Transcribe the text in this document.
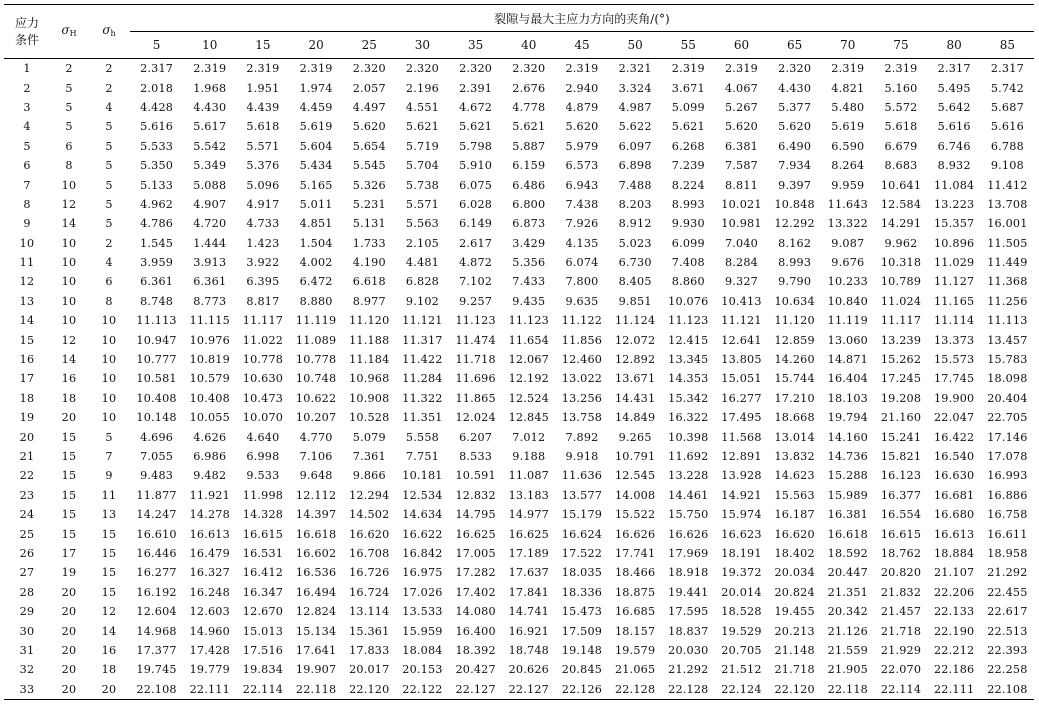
应力
条件	$\sigma_H$	$\sigma_h$	裂隙与最大主应力方向的夹角/(°)																
			5	10	15	20	25	30	35	40	45	50	55	60	65	70	75	80	85
1	2	2	2.317	2.319	2.319	2.319	2.320	2.320	2.320	2.320	2.319	2.321	2.319	2.319	2.320	2.319	2.319	2.317	2.317
2	5	2	2.018	1.968	1.951	1.974	2.057	2.196	2.391	2.676	2.940	3.324	3.671	4.067	4.430	4.821	5.160	5.495	5.742
3	5	4	4.428	4.430	4.439	4.459	4.497	4.551	4.672	4.778	4.879	4.987	5.099	5.267	5.377	5.480	5.572	5.642	5.687
4	5	5	5.616	5.617	5.618	5.619	5.620	5.621	5.621	5.621	5.620	5.622	5.621	5.620	5.620	5.619	5.618	5.616	5.616
5	6	5	5.533	5.542	5.571	5.604	5.654	5.719	5.798	5.887	5.979	6.097	6.268	6.381	6.490	6.590	6.679	6.746	6.788
6	8	5	5.350	5.349	5.376	5.434	5.545	5.704	5.910	6.159	6.573	6.898	7.239	7.587	7.934	8.264	8.683	8.932	9.108
7	10	5	5.133	5.088	5.096	5.165	5.326	5.738	6.075	6.486	6.943	7.488	8.224	8.811	9.397	9.959	10.641	11.084	11.412
8	12	5	4.962	4.907	4.917	5.011	5.231	5.571	6.028	6.800	7.438	8.203	8.993	10.021	10.848	11.643	12.584	13.223	13.708
9	14	5	4.786	4.720	4.733	4.851	5.131	5.563	6.149	6.873	7.926	8.912	9.930	10.981	12.292	13.322	14.291	15.357	16.001
10	10	2	1.545	1.444	1.423	1.504	1.733	2.105	2.617	3.429	4.135	5.023	6.099	7.040	8.162	9.087	9.962	10.896	11.505
11	10	4	3.959	3.913	3.922	4.002	4.190	4.481	4.872	5.356	6.074	6.730	7.408	8.284	8.993	9.676	10.318	11.029	11.449
12	10	6	6.361	6.361	6.395	6.472	6.618	6.828	7.102	7.433	7.800	8.405	8.860	9.327	9.790	10.233	10.789	11.127	11.368
13	10	8	8.748	8.773	8.817	8.880	8.977	9.102	9.257	9.435	9.635	9.851	10.076	10.413	10.634	10.840	11.024	11.165	11.256
14	10	10	11.113	11.115	11.117	11.119	11.120	11.121	11.123	11.123	11.122	11.124	11.123	11.121	11.120	11.119	11.117	11.114	11.113
15	12	10	10.947	10.976	11.022	11.089	11.188	11.317	11.474	11.654	11.856	12.072	12.415	12.641	12.859	13.060	13.239	13.373	13.457
16	14	10	10.777	10.819	10.778	10.778	11.184	11.422	11.718	12.067	12.460	12.892	13.345	13.805	14.260	14.871	15.262	15.573	15.783
17	16	10	10.581	10.579	10.630	10.748	10.968	11.284	11.696	12.192	13.022	13.671	14.353	15.051	15.744	16.404	17.245	17.745	18.098
18	18	10	10.408	10.408	10.473	10.622	10.908	11.322	11.865	12.524	13.256	14.431	15.342	16.277	17.210	18.103	19.208	19.900	20.404
19	20	10	10.148	10.055	10.070	10.207	10.528	11.351	12.024	12.845	13.758	14.849	16.322	17.495	18.668	19.794	21.160	22.047	22.705
20	15	5	4.696	4.626	4.640	4.770	5.079	5.558	6.207	7.012	7.892	9.265	10.398	11.568	13.014	14.160	15.241	16.422	17.146
21	15	7	7.055	6.986	6.998	7.106	7.361	7.751	8.533	9.188	9.918	10.791	11.692	12.891	13.832	14.736	15.821	16.540	17.078
22	15	9	9.483	9.482	9.533	9.648	9.866	10.181	10.591	11.087	11.636	12.545	13.228	13.928	14.623	15.288	16.123	16.630	16.993
23	15	11	11.877	11.921	11.998	12.112	12.294	12.534	12.832	13.183	13.577	14.008	14.461	14.921	15.563	15.989	16.377	16.681	16.886
24	15	13	14.247	14.278	14.328	14.397	14.502	14.634	14.795	14.977	15.179	15.522	15.750	15.974	16.187	16.381	16.554	16.680	16.758
25	15	15	16.610	16.613	16.615	16.618	16.620	16.622	16.625	16.625	16.624	16.626	16.626	16.623	16.620	16.618	16.615	16.613	16.611
26	17	15	16.446	16.479	16.531	16.602	16.708	16.842	17.005	17.189	17.522	17.741	17.969	18.191	18.402	18.592	18.762	18.884	18.958
27	19	15	16.277	16.327	16.412	16.536	16.726	16.975	17.282	17.637	18.035	18.466	18.918	19.372	20.034	20.447	20.820	21.107	21.292
28	20	15	16.192	16.248	16.347	16.494	16.724	17.026	17.402	17.841	18.336	18.875	19.441	20.014	20.824	21.351	21.832	22.206	22.455
29	20	12	12.604	12.603	12.670	12.824	13.114	13.533	14.080	14.741	15.473	16.685	17.595	18.528	19.455	20.342	21.457	22.133	22.617
30	20	14	14.968	14.960	15.013	15.134	15.361	15.959	16.400	16.921	17.509	18.157	18.837	19.529	20.213	21.126	21.718	22.190	22.513
31	20	16	17.377	17.428	17.516	17.641	17.833	18.084	18.392	18.748	19.148	19.579	20.030	20.705	21.148	21.559	21.929	22.212	22.393
32	20	18	19.745	19.779	19.834	19.907	20.017	20.153	20.427	20.626	20.845	21.065	21.292	21.512	21.718	21.905	22.070	22.186	22.258
33	20	20	22.108	22.111	22.114	22.118	22.120	22.122	22.127	22.127	22.126	22.128	22.128	22.124	22.120	22.118	22.114	22.111	22.108
